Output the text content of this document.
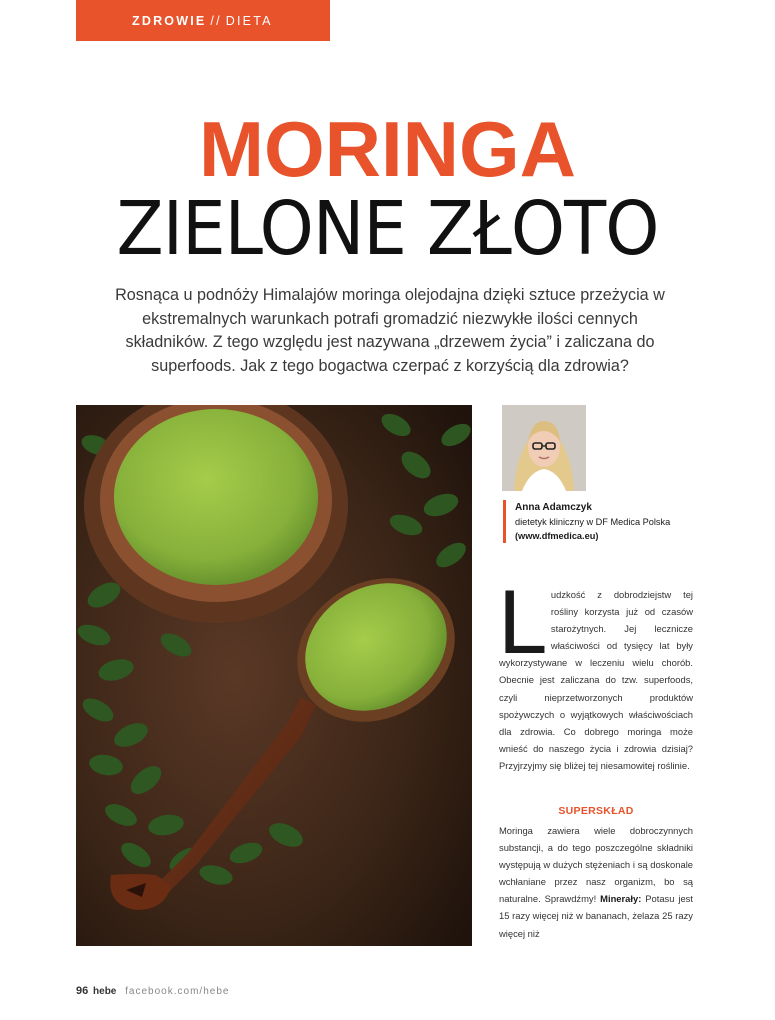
ZDROWIE // DIETA
MORINGA
ZIELONE ZŁOTO
Rosnąca u podnóży Himalajów moringa olejodajna dzięki sztuce przeżycia w ekstremalnych warunkach potrafi gromadzić niezwykłe ilości cennych składników. Z tego względu jest nazywana „drzewem życia” i zaliczana do superfoods. Jak z tego bogactwa czerpać z korzyścią dla zdrowia?
Anna Adamczyk
dietetyk kliniczny w DF Medica Polska
(www.dfmedica.eu)
L udzkość z dobrodziejstw tej rośliny korzysta już od czasów starożytnych. Jej lecznicze właściwości od tysięcy lat były wykorzystywane w leczeniu wielu chorób. Obecnie jest zaliczana do tzw. superfoods, czyli nieprzetworzonych produktów spożywczych o wyjątkowych właściwościach dla zdrowia. Co dobrego moringa może wnieść do naszego życia i zdrowia dzisiaj? Przyjrzyjmy się bliżej tej niesamowitej roślinie.
SUPERSKŁAD
Moringa zawiera wiele dobroczynnych substancji, a do tego poszczególne składniki występują w dużych stężeniach i są doskonale wchłaniane przez nasz organizm, bo są naturalne. Sprawdźmy! Minerały: Potasu jest 15 razy więcej niż w bananach, żelaza 25 razy więcej niż
96 hebe facebook.com/hebe
